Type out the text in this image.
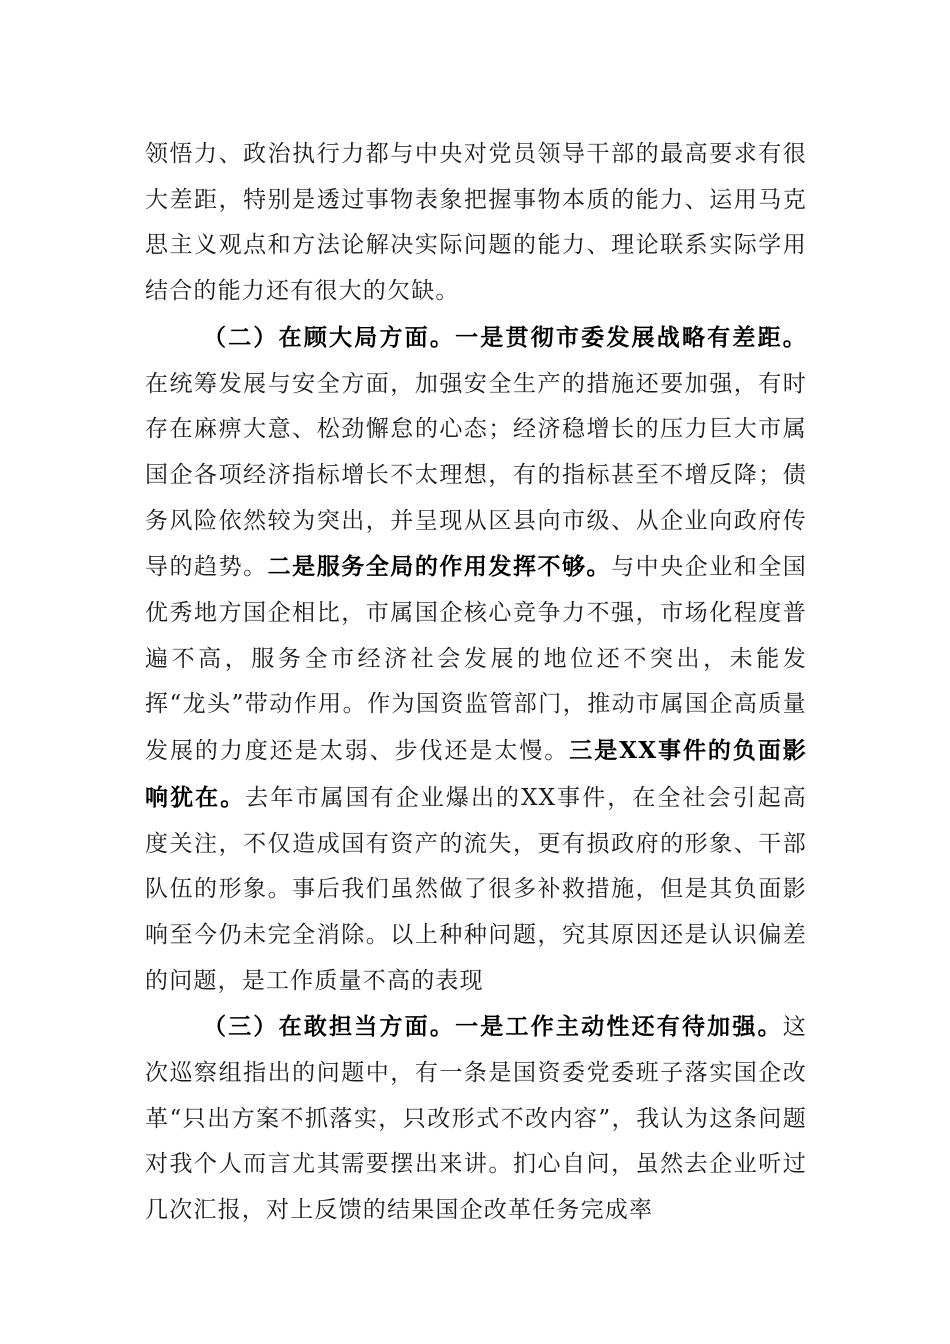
领悟力、政治执行力都与中央对党员领导干部的最高要求有很大差距，特别是透过事物表象把握事物本质的能力、运用马克思主义观点和方法论解决实际问题的能力、理论联系实际学用结合的能力还有很大的欠缺。

（二）在顾大局方面。一是贯彻市委发展战略有差距。在统筹发展与安全方面，加强安全生产的措施还要加强，有时存在麻痹大意、松劲懈怠的心态；经济稳增长的压力巨大市属国企各项经济指标增长不太理想，有的指标甚至不增反降；债务风险依然较为突出，并呈现从区县向市级、从企业向政府传导的趋势。二是服务全局的作用发挥不够。与中央企业和全国优秀地方国企相比，市属国企核心竞争力不强，市场化程度普遍不高，服务全市经济社会发展的地位还不突出，未能发挥“龙头”带动作用。作为国资监管部门，推动市属国企高质量发展的力度还是太弱、步伐还是太慢。三是XX事件的负面影响犹在。去年市属国有企业爆出的XX事件，在全社会引起高度关注，不仅造成国有资产的流失，更有损政府的形象、干部队伍的形象。事后我们虽然做了很多补救措施，但是其负面影响至今仍未完全消除。以上种种问题，究其原因还是认识偏差的问题，是工作质量不高的表现

（三）在敢担当方面。一是工作主动性还有待加强。这次巡察组指出的问题中，有一条是国资委党委班子落实国企改革“只出方案不抓落实，只改形式不改内容”，我认为这条问题对我个人而言尤其需要摆出来讲。扪心自问，虽然去企业听过几次汇报，对上反馈的结果国企改革任务完成率
